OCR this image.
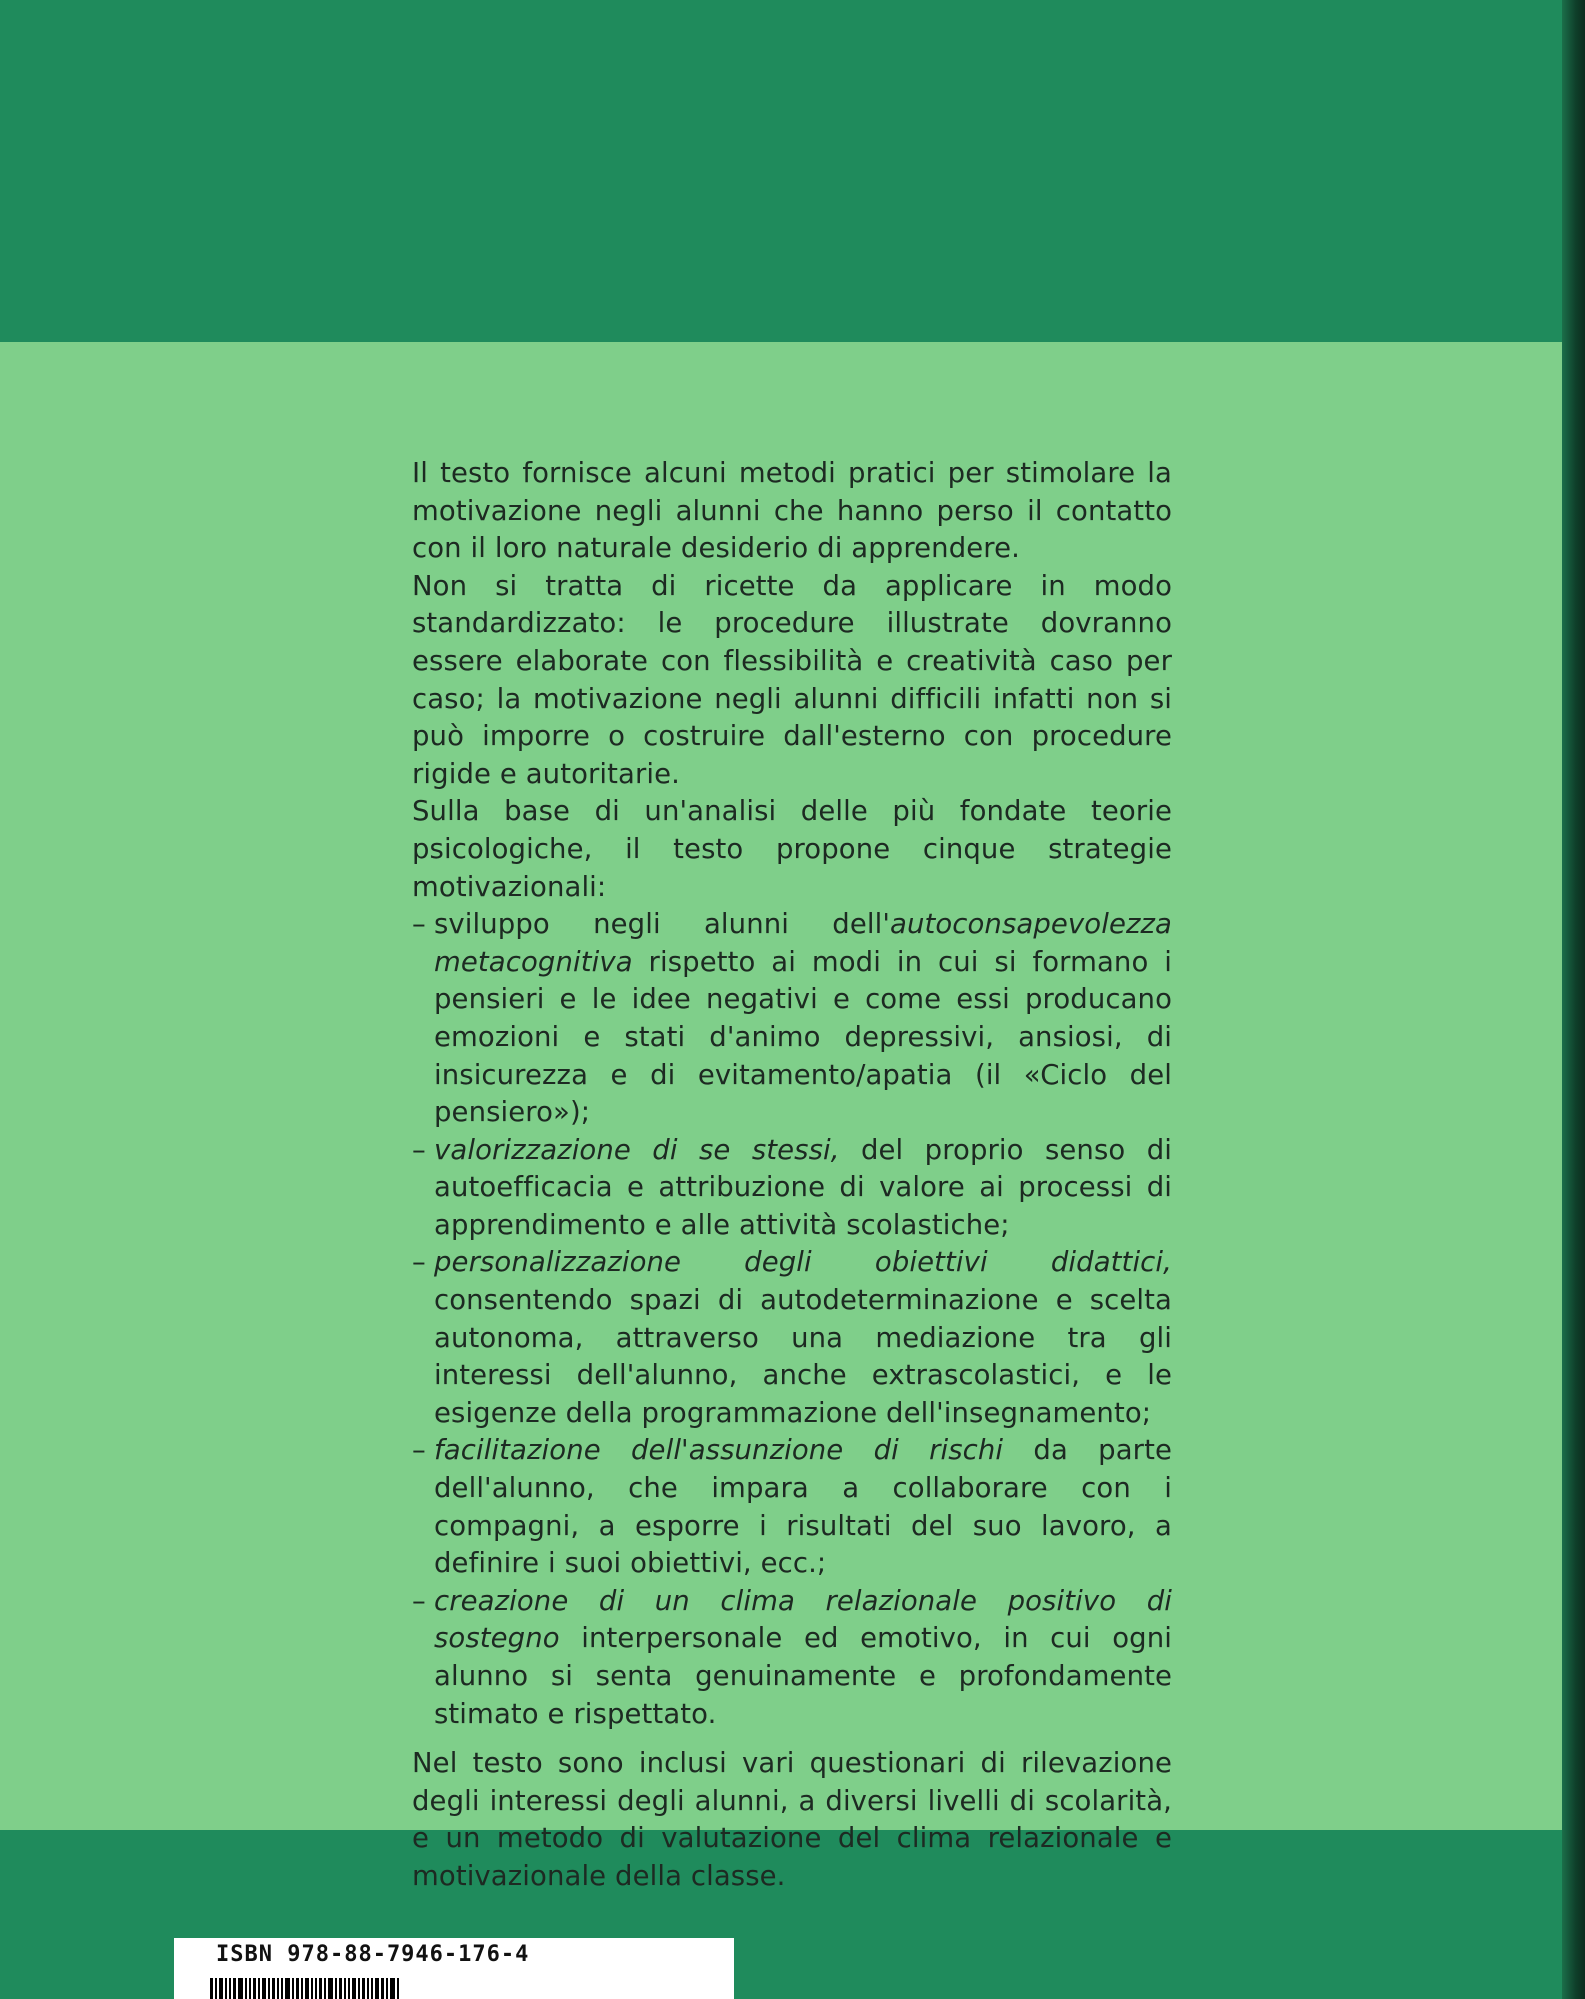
Il testo fornisce alcuni metodi pratici per stimolare la motivazione negli alunni che hanno perso il contatto con il loro naturale desiderio di apprendere.

Non si tratta di ricette da applicare in modo standardizzato: le procedure illustrate dovranno essere elaborate con flessibilità e creatività caso per caso; la motivazione negli alunni difficili infatti non si può imporre o costruire dall'esterno con procedure rigide e autoritarie.

Sulla base di un'analisi delle più fondate teorie psicologiche, il testo propone cinque strategie motivazionali:

– sviluppo negli alunni dell'autoconsapevolezza metacognitiva rispetto ai modi in cui si formano i pensieri e le idee negativi e come essi producano emozioni e stati d'animo depressivi, ansiosi, di insicurezza e di evitamento/apatia (il «Ciclo del pensiero»);
– valorizzazione di se stessi, del proprio senso di autoefficacia e attribuzione di valore ai processi di apprendimento e alle attività scolastiche;
– personalizzazione degli obiettivi didattici, consentendo spazi di autodeterminazione e scelta autonoma, attraverso una mediazione tra gli interessi dell'alunno, anche extrascolastici, e le esigenze della programmazione dell'insegnamento;
– facilitazione dell'assunzione di rischi da parte dell'alunno, che impara a collaborare con i compagni, a esporre i risultati del suo lavoro, a definire i suoi obiettivi, ecc.;
– creazione di un clima relazionale positivo di sostegno interpersonale ed emotivo, in cui ogni alunno si senta genuinamente e profondamente stimato e rispettato.

Nel testo sono inclusi vari questionari di rilevazione degli interessi degli alunni, a diversi livelli di scolarità, e un metodo di valutazione del clima relazionale e motivazionale della classe.

ISBN 978-88-7946-176-4
